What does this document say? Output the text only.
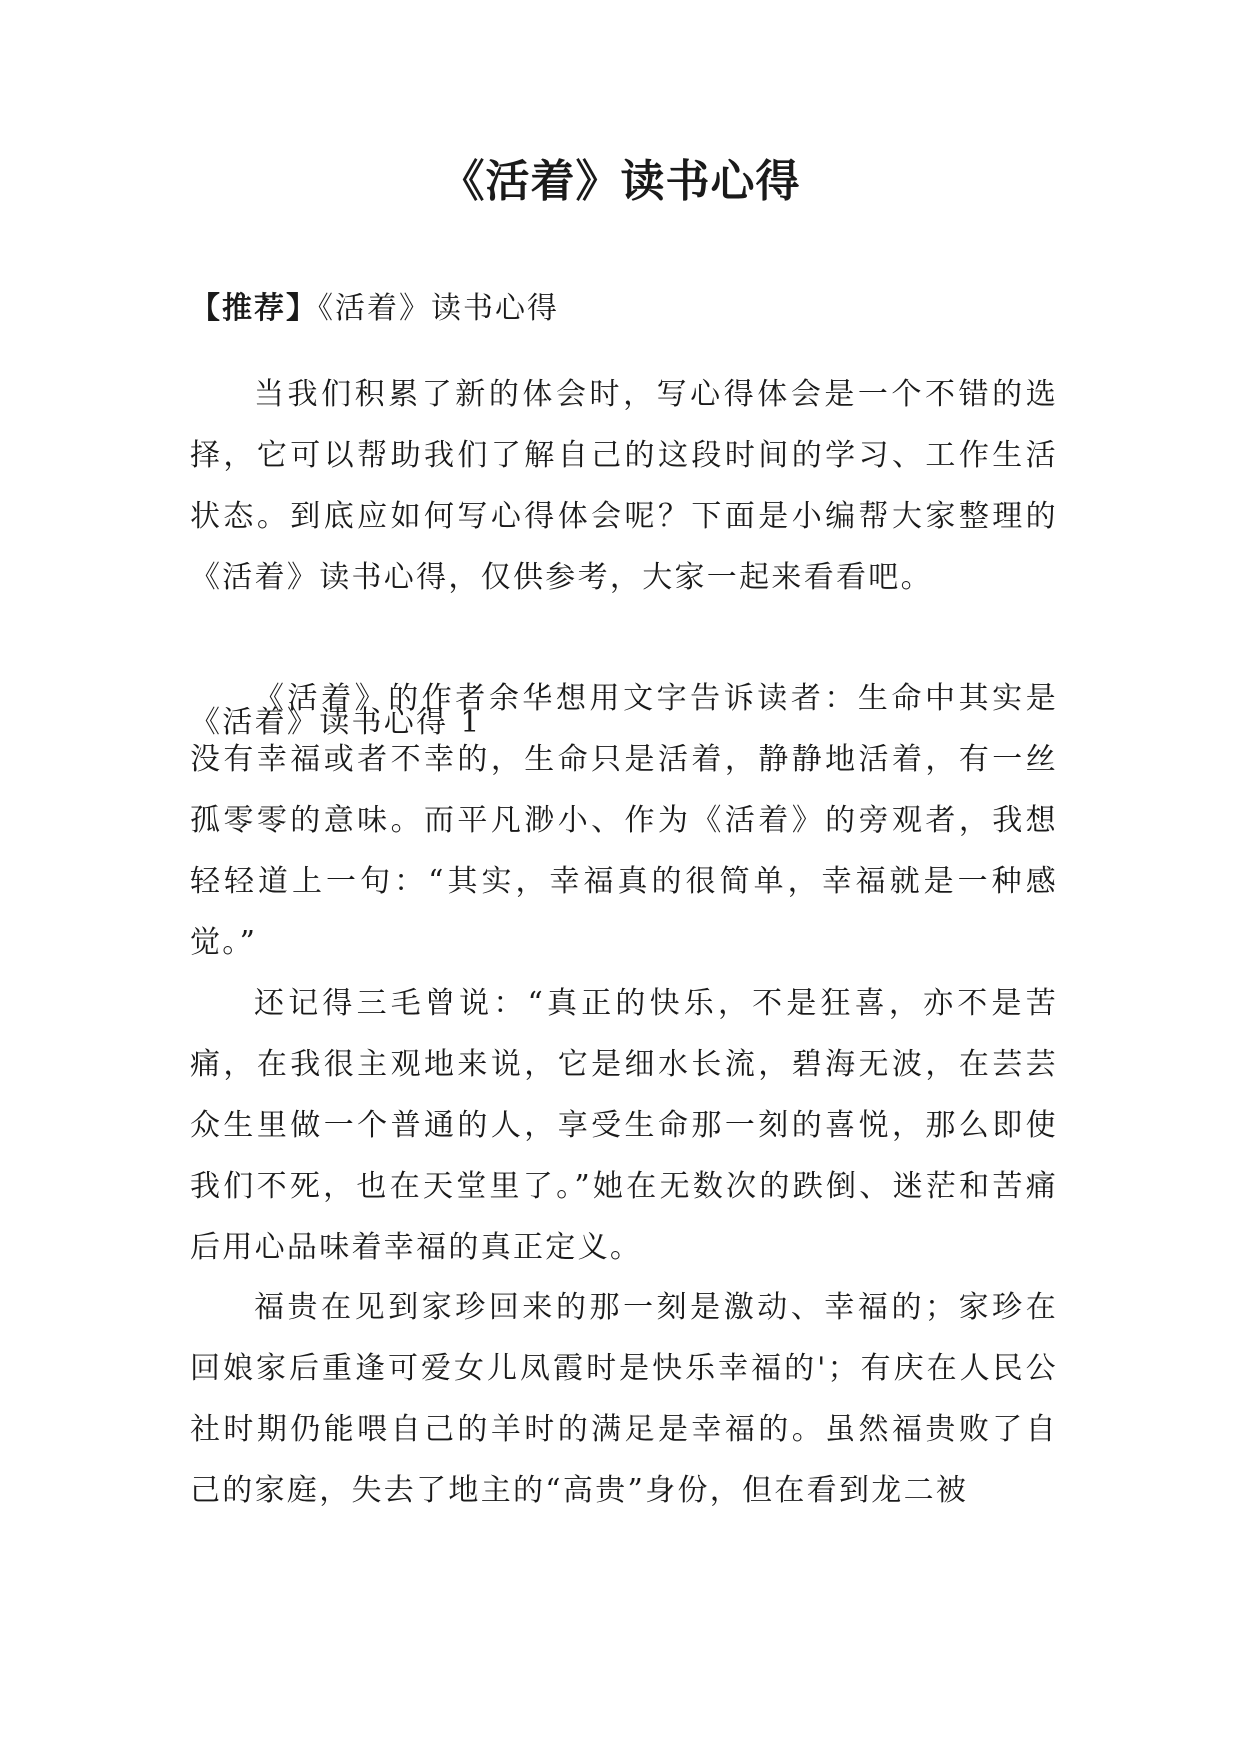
《活着》读书心得

【推荐】《活着》读书心得

当我们积累了新的体会时，写心得体会是一个不错的选择，它可以帮助我们了解自己的这段时间的学习、工作生活状态。到底应如何写心得体会呢？下面是小编帮大家整理的《活着》读书心得，仅供参考，大家一起来看看吧。

《活着》读书心得 1

《活着》的作者余华想用文字告诉读者：生命中其实是没有幸福或者不幸的，生命只是活着，静静地活着，有一丝孤零零的意味。而平凡渺小、作为《活着》的旁观者，我想轻轻道上一句：“其实，幸福真的很简单，幸福就是一种感觉。”

还记得三毛曾说：“真正的快乐，不是狂喜，亦不是苦痛，在我很主观地来说，它是细水长流，碧海无波，在芸芸众生里做一个普通的人，享受生命那一刻的喜悦，那么即使我们不死，也在天堂里了。”她在无数次的跌倒、迷茫和苦痛后用心品味着幸福的真正定义。

福贵在见到家珍回来的那一刻是激动、幸福的；家珍在回娘家后重逢可爱女儿凤霞时是快乐幸福的'；有庆在人民公社时期仍能喂自己的羊时的满足是幸福的。虽然福贵败了自己的家庭，失去了地主的“高贵”身份，但在看到龙二被
